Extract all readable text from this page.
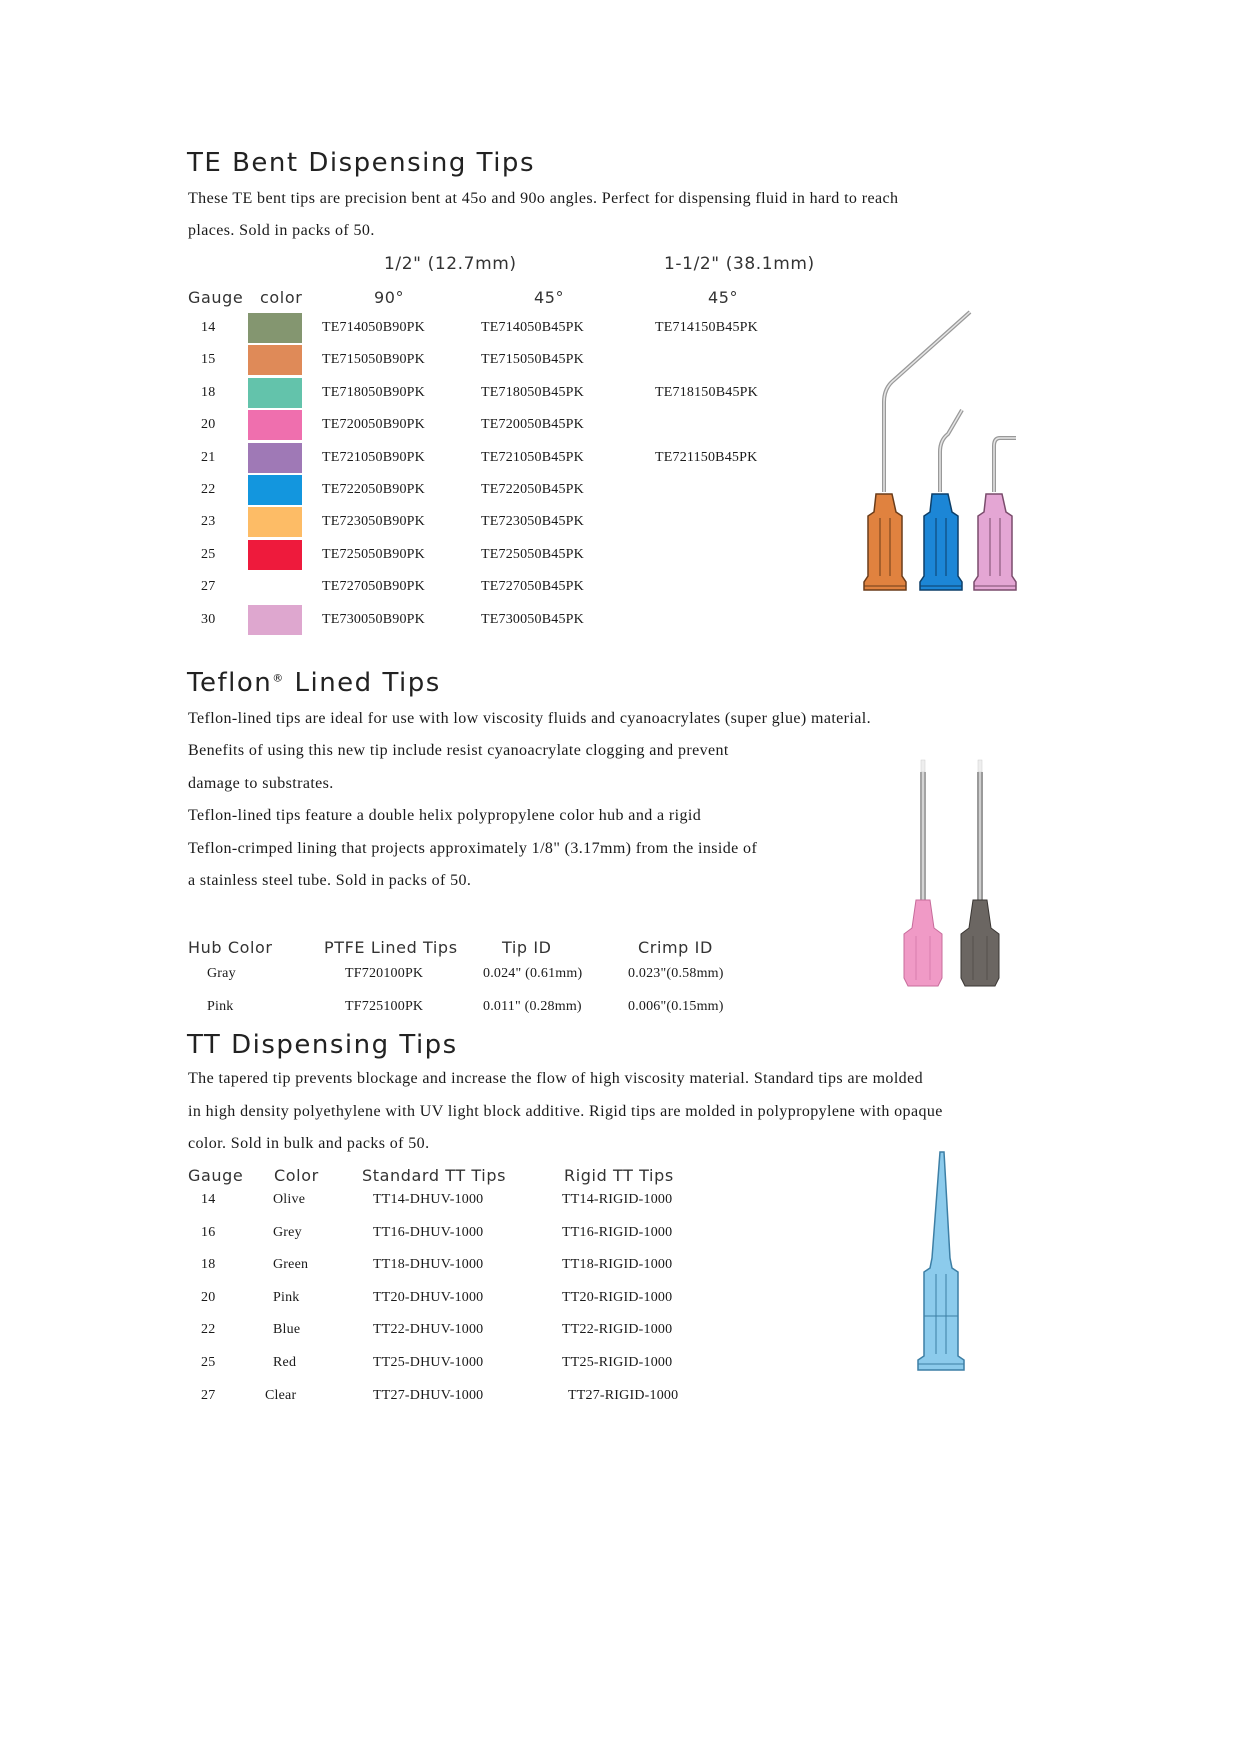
TE Bent Dispensing Tips
These TE bent tips are precision bent at 45o and 90o angles. Perfect for dispensing fluid in hard to reach
places. Sold in packs of 50.
1/2" (12.7mm)	1-1/2" (38.1mm)
Gauge color	90°	45°	45°
14	TE714050B90PK	TE714050B45PK	TE714150B45PK
15	TE715050B90PK	TE715050B45PK
18	TE718050B90PK	TE718050B45PK	TE718150B45PK
20	TE720050B90PK	TE720050B45PK
21	TE721050B90PK	TE721050B45PK	TE721150B45PK
22	TE722050B90PK	TE722050B45PK
23	TE723050B90PK	TE723050B45PK
25	TE725050B90PK	TE725050B45PK
27	TE727050B90PK	TE727050B45PK
30	TE730050B90PK	TE730050B45PK
Teflon® Lined Tips
Teflon-lined tips are ideal for use with low viscosity fluids and cyanoacrylates (super glue) material.
Benefits of using this new tip include resist cyanoacrylate clogging and prevent
damage to substrates.
Teflon-lined tips feature a double helix polypropylene color hub and a rigid
Teflon-crimped lining that projects approximately 1/8" (3.17mm) from the inside of
a stainless steel tube. Sold in packs of 50.
Hub Color	PTFE Lined Tips	Tip ID	Crimp ID
Gray	TF720100PK	0.024" (0.61mm)	0.023"(0.58mm)
Pink	TF725100PK	0.011" (0.28mm)	0.006"(0.15mm)
TT Dispensing Tips
The tapered tip prevents blockage and increase the flow of high viscosity material. Standard tips are molded
in high density polyethylene with UV light block additive. Rigid tips are molded in polypropylene with opaque
color. Sold in bulk and packs of 50.
Gauge Color	Standard TT Tips	Rigid TT Tips
14	Olive	TT14-DHUV-1000	TT14-RIGID-1000
16	Grey	TT16-DHUV-1000	TT16-RIGID-1000
18	Green	TT18-DHUV-1000	TT18-RIGID-1000
20	Pink	TT20-DHUV-1000	TT20-RIGID-1000
22	Blue	TT22-DHUV-1000	TT22-RIGID-1000
25	Red	TT25-DHUV-1000	TT25-RIGID-1000
27	Clear	TT27-DHUV-1000	TT27-RIGID-1000
